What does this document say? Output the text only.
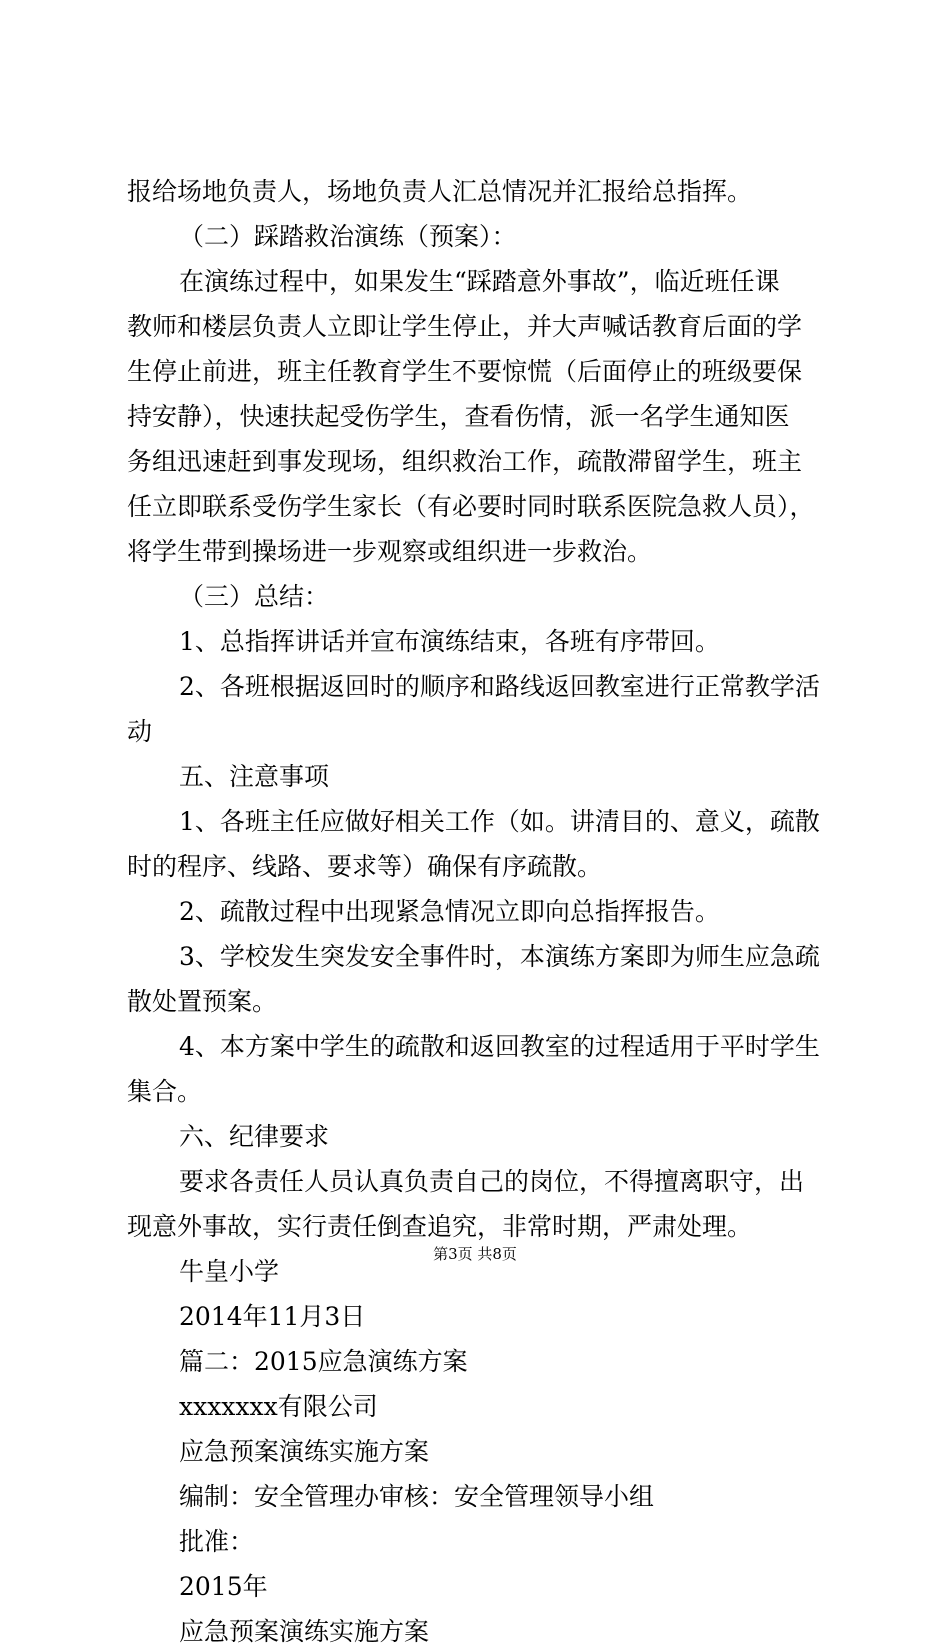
报给场地负责人，场地负责人汇总情况并汇报给总指挥。
（二）踩踏救治演练（预案）：
在演练过程中，如果发生“踩踏意外事故”，临近班任课
教师和楼层负责人立即让学生停止，并大声喊话教育后面的学
生停止前进，班主任教育学生不要惊慌（后面停止的班级要保
持安静），快速扶起受伤学生，查看伤情，派一名学生通知医
务组迅速赶到事发现场，组织救治工作，疏散滞留学生，班主
任立即联系受伤学生家长（有必要时同时联系医院急救人员），
将学生带到操场进一步观察或组织进一步救治。
（三）总结：
1、总指挥讲话并宣布演练结束，各班有序带回。
2、各班根据返回时的顺序和路线返回教室进行正常教学活
动
五、注意事项
1、各班主任应做好相关工作（如。讲清目的、意义，疏散
时的程序、线路、要求等）确保有序疏散。
2、疏散过程中出现紧急情况立即向总指挥报告。
3、学校发生突发安全事件时，本演练方案即为师生应急疏
散处置预案。
4、本方案中学生的疏散和返回教室的过程适用于平时学生
集合。
六、纪律要求
要求各责任人员认真负责自己的岗位，不得擅离职守，出
现意外事故，实行责任倒查追究，非常时期，严肃处理。
牛皇小学
2014年11月3日
篇二：2015应急演练方案
xxxxxxx有限公司
应急预案演练实施方案
编制：安全管理办审核：安全管理领导小组
批准：
2015年
应急预案演练实施方案
第3页 共8页
